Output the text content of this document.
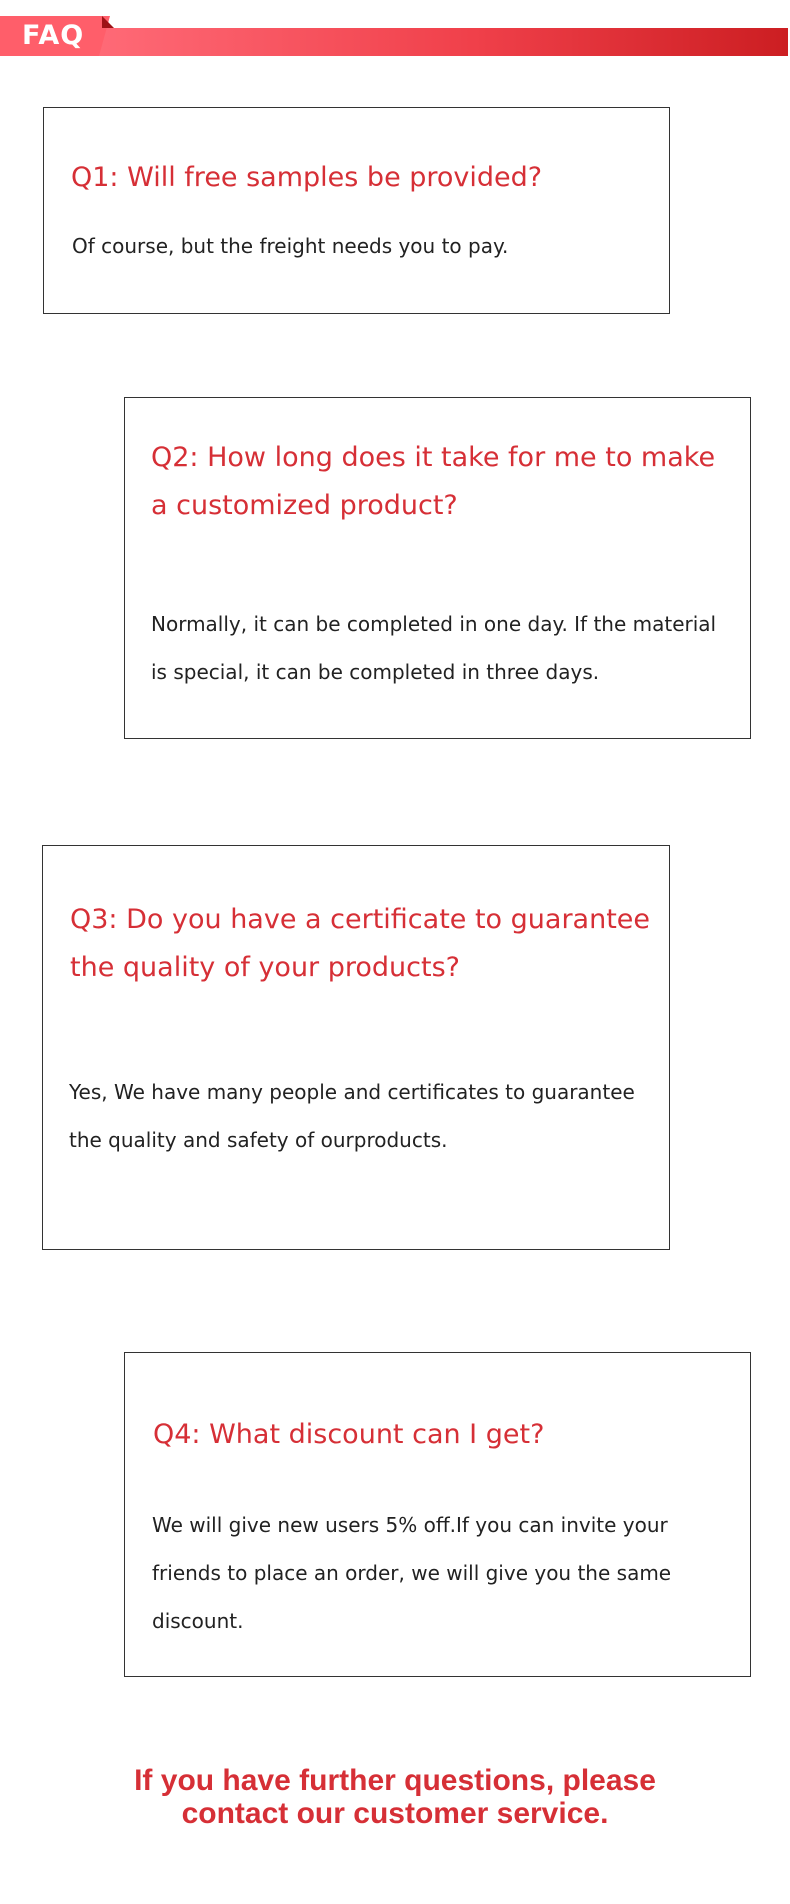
FAQ
Q1: Will free samples be provided?

Of course, but the freight needs you to pay.

Q2: How long does it take for me to make a customized product?

Normally, it can be completed in one day. If the material is special, it can be completed in three days.

Q3: Do you have a certificate to guarantee the quality of your products?

Yes, We have many people and certificates to guarantee the quality and safety of ourproducts.

Q4: What discount can I get?

We will give new users 5% off.If you can invite your friends to place an order, we will give you the same discount.

If you have further questions, please
contact our customer service.
